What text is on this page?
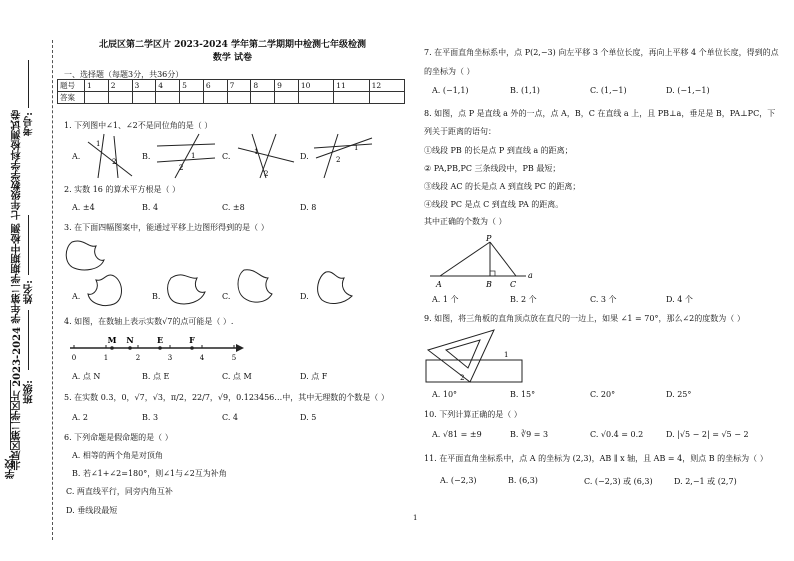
学校:
北辰区第二学区片 2023-2024 学年第二学期期中检测 七年级数学学科检测试卷 班级:
姓名:
考号:
北辰区第二学区片 2023-2024 学年第二学期期中检测七年级检测
数学 试卷
一、选择题（每题3分，共36分）
题号	1	2	3	4	5	6	7	8	9	10	11	12
答案												
1. 下列图中∠1、∠2不是同位角的是（ ）
A.	B.	C.	D.
1
2
1
2
1
2
1
2
2. 实数 16 的算术平方根是（ ）
A. ±4	B. 4	C. ±8	D. 8
3. 在下面四幅图案中，能通过平移上边图形得到的是（ ）
A.	B.	C.	D.
4. 如图，在数轴上表示实数√7的点可能是（ ）.
0	1	2	3	4	5
M N	E	F
A. 点 N	B. 点 E	C. 点 M	D. 点 F
5. 在实数 0.3，0，√7，√3，π/2，22/7，√9，0.123456…中，其中无理数的个数是（ ）
A. 2	B. 3	C. 4	D. 5
6. 下列命题是假命题的是（ ）
A. 相等的两个角是对顶角
B. 若∠1+∠2=180°，则∠1与∠2互为补角
C. 两直线平行，同旁内角互补
D. 垂线段最短
7. 在平面直角坐标系中，点 P(2,−3) 向左平移 3 个单位长度，再向上平移 4 个单位长度，得到的点
的坐标为（ ）
A. (−1,1)	B. (1,1)	C. (1,−1)	D. (−1,−1)
8. 如图，点 P 是直线 a 外的一点，点 A，B，C 在直线 a 上，且 PB⊥a，垂足是 B，PA⊥PC，下
列关于距离的语句：
①线段 PB 的长是点 P 到直线 a 的距离；
② PA,PB,PC 三条线段中，PB 最短；
③线段 AC 的长是点 A 到直线 PC 的距离；
④线段 PC 是点 C 到直线 PA 的距离。
其中正确的个数为（ ）
P
A	B C
a
A. 1 个	B. 2 个	C. 3 个	D. 4 个
9. 如图，将三角板的直角顶点放在直尺的一边上，如果 ∠1 = 70°，那么∠2的度数为（ ）
1
2
A. 10°	B. 15°	C. 20°	D. 25°
10. 下列计算正确的是（ ）
A. √81 = ±9	B. ∛9 = 3	C. √0.4 = 0.2	D. |√5 − 2| = √5 − 2
11. 在平面直角坐标系中，点 A 的坐标为 (2,3)，AB ∥ x 轴，且 AB = 4，则点 B 的坐标为（ ）
A. (−2,3)	B. (6,3)	C. (−2,3) 或 (6,3)	D. 2,−1 或 (2,7)
1
